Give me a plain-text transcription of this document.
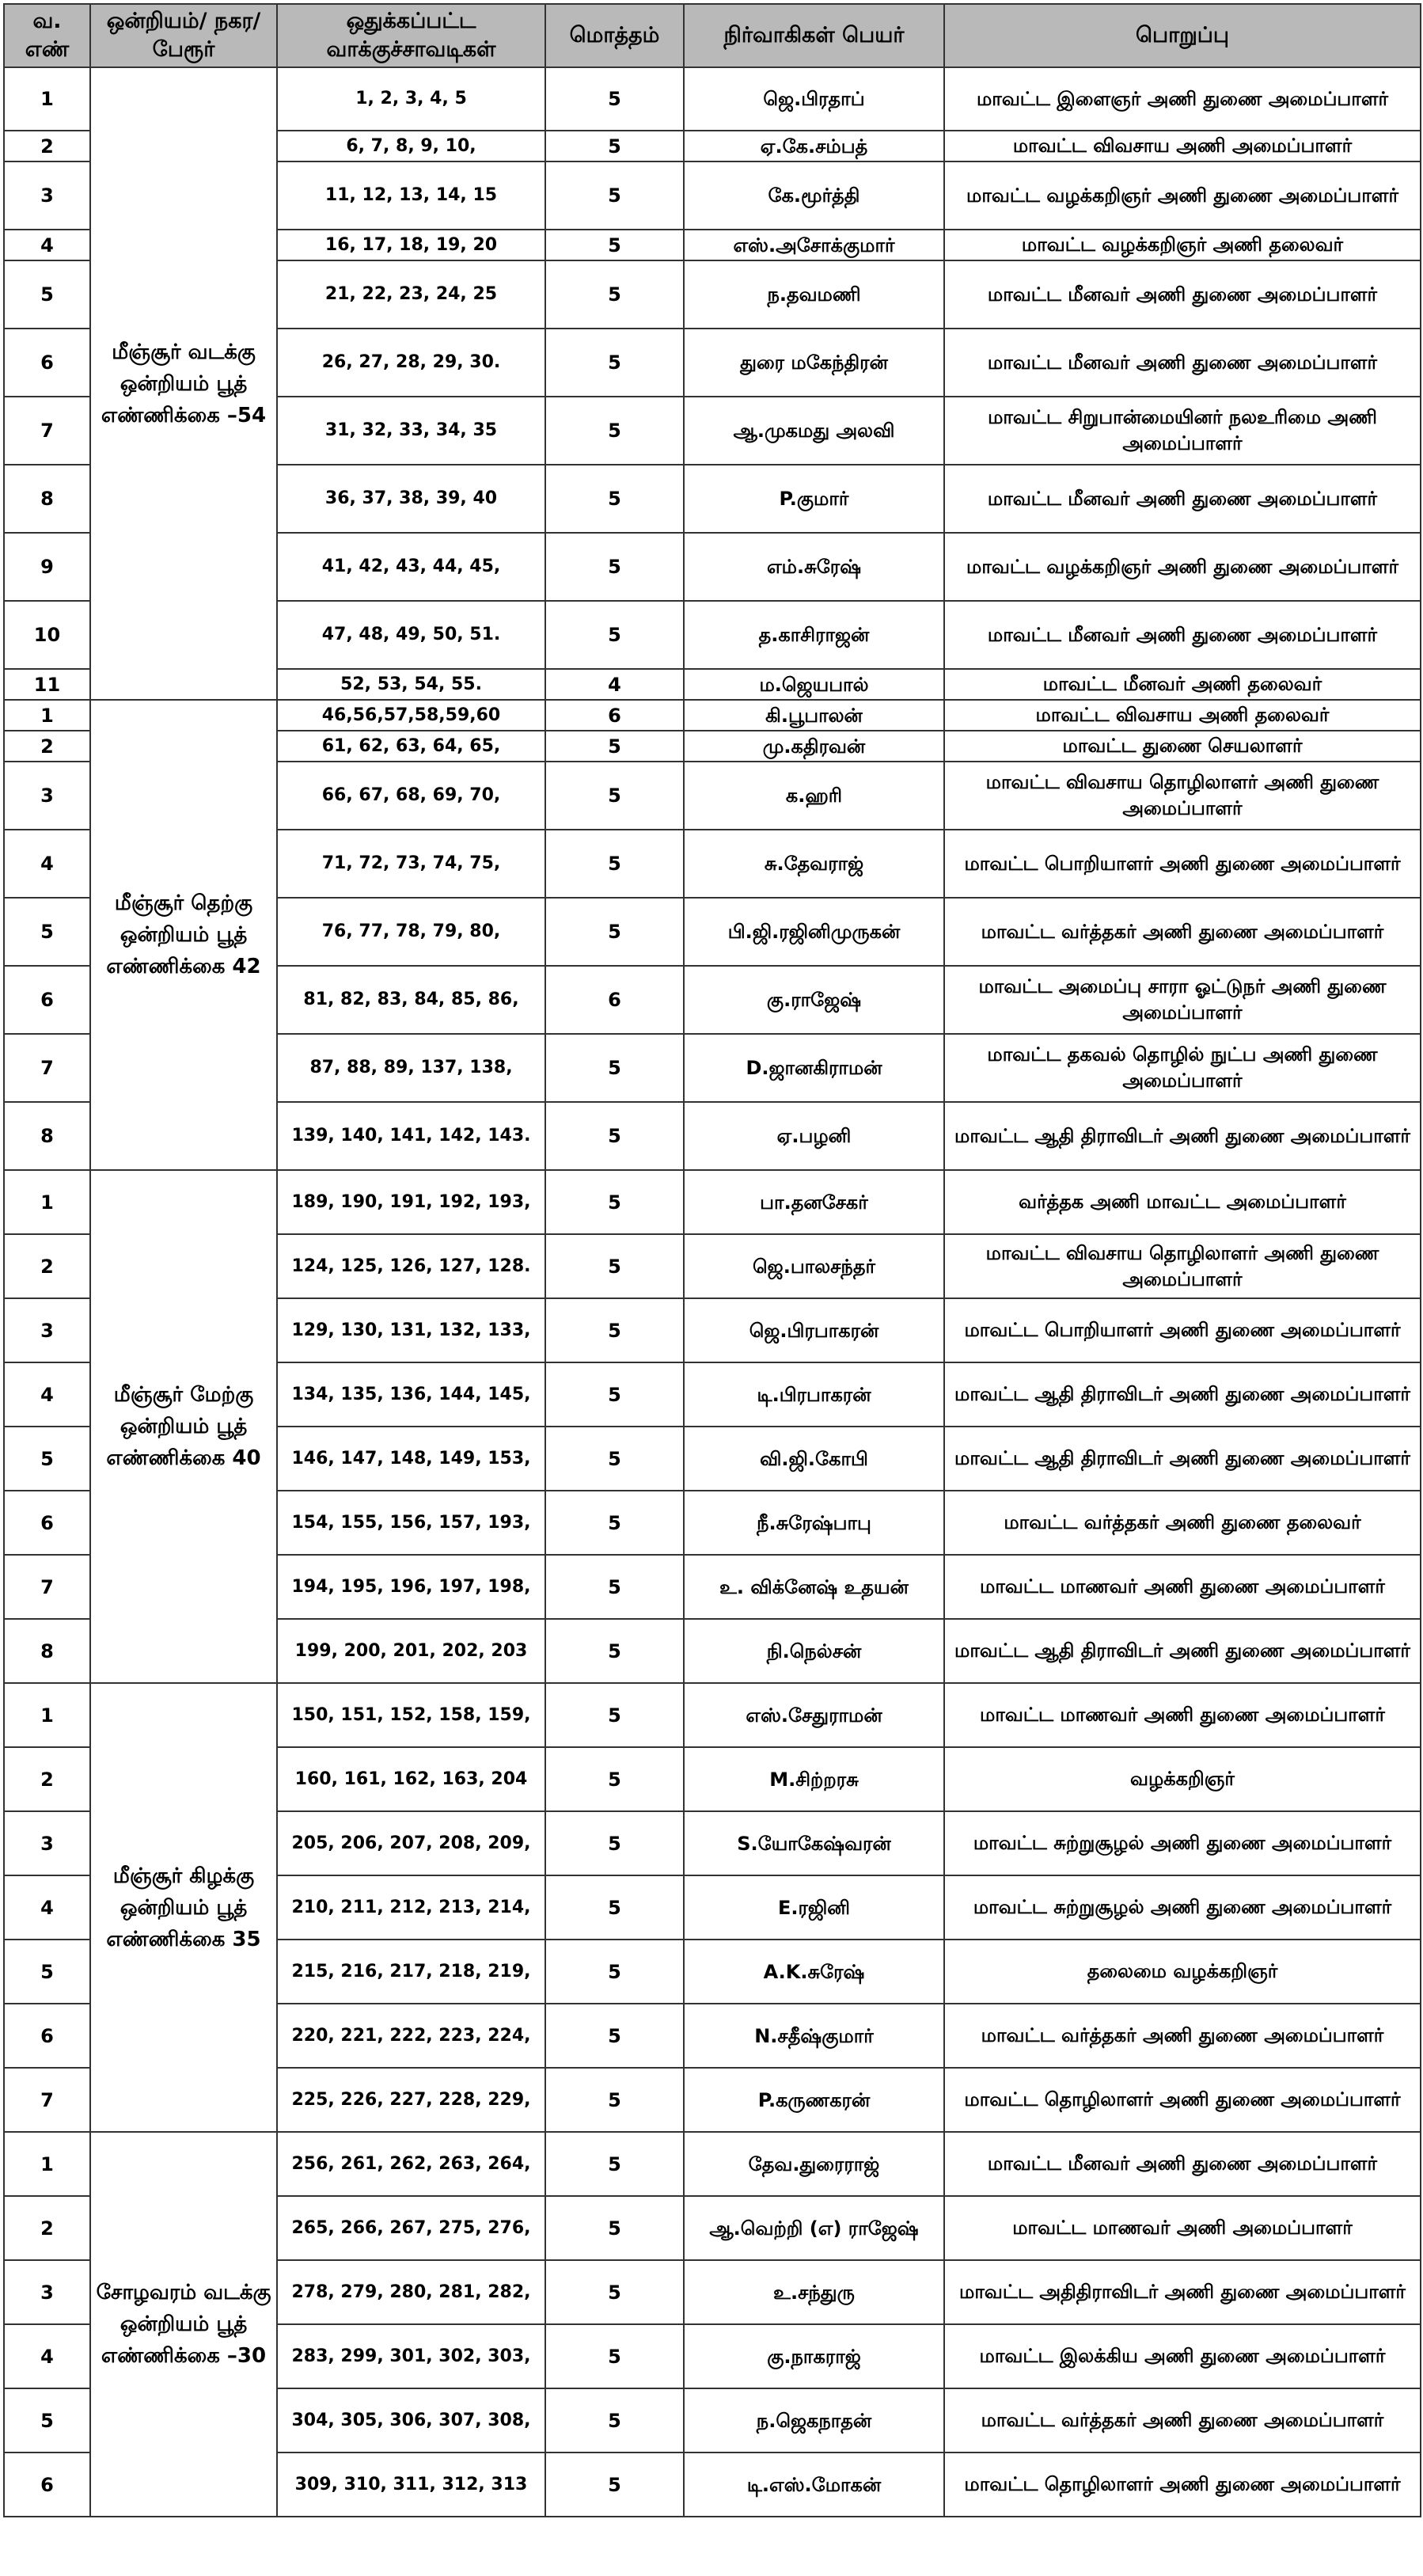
வ. எண்	ஒன்றியம்/ நகர/ பேரூர்	ஒதுக்கப்பட்ட வாக்குச்சாவடிகள்	மொத்தம்	நிர்வாகிகள் பெயர்	பொறுப்பு
1	மீஞ்சூர் வடக்கு ஒன்றியம் பூத் எண்ணிக்கை –54	1, 2, 3, 4, 5	5	ஜெ.பிரதாப்	மாவட்ட இளைஞர் அணி துணை அமைப்பாளர்
2		6, 7, 8, 9, 10,	5	ஏ.கே.சம்பத்	மாவட்ட விவசாய அணி அமைப்பாளர்
3		11, 12, 13, 14, 15	5	கே.மூர்த்தி	மாவட்ட வழக்கறிஞர் அணி துணை அமைப்பாளர்
4		16, 17, 18, 19, 20	5	எஸ்.அசோக்குமார்	மாவட்ட வழக்கறிஞர் அணி தலைவர்
5		21, 22, 23, 24, 25	5	ந.தவமணி	மாவட்ட மீனவர் அணி துணை அமைப்பாளர்
6		26, 27, 28, 29, 30.	5	துரை மகேந்திரன்	மாவட்ட மீனவர் அணி துணை அமைப்பாளர்
7		31, 32, 33, 34, 35	5	ஆ.முகமது அலவி	மாவட்ட சிறுபான்மையினர் நலஉரிமை அணி அமைப்பாளர்
8		36, 37, 38, 39, 40	5	P.குமார்	மாவட்ட மீனவர் அணி துணை அமைப்பாளர்
9		41, 42, 43, 44, 45,	5	எம்.சுரேஷ்	மாவட்ட வழக்கறிஞர் அணி துணை அமைப்பாளர்
10		47, 48, 49, 50, 51.	5	த.காசிராஜன்	மாவட்ட மீனவர் அணி துணை அமைப்பாளர்
11		52, 53, 54, 55.	4	ம.ஜெயபால்	மாவட்ட மீனவர் அணி தலைவர்
1	மீஞ்சூர் தெற்கு ஒன்றியம் பூத் எண்ணிக்கை 42	46,56,57,58,59,60	6	கி.பூபாலன்	மாவட்ட விவசாய அணி தலைவர்
2		61, 62, 63, 64, 65,	5	மு.கதிரவன்	மாவட்ட துணை செயலாளர்
3		66, 67, 68, 69, 70,	5	க.ஹரி	மாவட்ட விவசாய தொழிலாளர் அணி துணை அமைப்பாளர்
4		71, 72, 73, 74, 75,	5	சு.தேவராஜ்	மாவட்ட பொறியாளர் அணி துணை அமைப்பாளர்
5		76, 77, 78, 79, 80,	5	பி.ஜி.ரஜினிமுருகன்	மாவட்ட வர்த்தகர் அணி துணை அமைப்பாளர்
6		81, 82, 83, 84, 85, 86,	6	கு.ராஜேஷ்	மாவட்ட அமைப்பு சாரா ஓட்டுநர் அணி துணை அமைப்பாளர்
7		87, 88, 89, 137, 138,	5	D.ஜானகிராமன்	மாவட்ட தகவல் தொழில் நுட்ப அணி துணை அமைப்பாளர்
8		139, 140, 141, 142, 143.	5	ஏ.பழனி	மாவட்ட ஆதி திராவிடர் அணி துணை அமைப்பாளர்
1	மீஞ்சூர் மேற்கு ஒன்றியம் பூத் எண்ணிக்கை 40	189, 190, 191, 192, 193,	5	பா.தனசேகர்	வர்த்தக அணி மாவட்ட அமைப்பாளர்
2		124, 125, 126, 127, 128.	5	ஜெ.பாலசந்தர்	மாவட்ட விவசாய தொழிலாளர் அணி துணை அமைப்பாளர்
3		129, 130, 131, 132, 133,	5	ஜெ.பிரபாகரன்	மாவட்ட பொறியாளர் அணி துணை அமைப்பாளர்
4		134, 135, 136, 144, 145,	5	டி.பிரபாகரன்	மாவட்ட ஆதி திராவிடர் அணி துணை அமைப்பாளர்
5		146, 147, 148, 149, 153,	5	வி.ஜி.கோபி	மாவட்ட ஆதி திராவிடர் அணி துணை அமைப்பாளர்
6		154, 155, 156, 157, 193,	5	நீ.சுரேஷ்பாபு	மாவட்ட வர்த்தகர் அணி துணை தலைவர்
7		194, 195, 196, 197, 198,	5	உ. விக்னேஷ் உதயன்	மாவட்ட மாணவர் அணி துணை அமைப்பாளர்
8		199, 200, 201, 202, 203	5	நி.நெல்சன்	மாவட்ட ஆதி திராவிடர் அணி துணை அமைப்பாளர்
1	மீஞ்சூர் கிழக்கு ஒன்றியம் பூத் எண்ணிக்கை 35	150, 151, 152, 158, 159,	5	எஸ்.சேதுராமன்	மாவட்ட மாணவர் அணி துணை அமைப்பாளர்
2		160, 161, 162, 163, 204	5	M.சிற்றரசு	வழக்கறிஞர்
3		205, 206, 207, 208, 209,	5	S.யோகேஷ்வரன்	மாவட்ட சுற்றுசூழல் அணி துணை அமைப்பாளர்
4		210, 211, 212, 213, 214,	5	E.ரஜினி	மாவட்ட சுற்றுசூழல் அணி துணை அமைப்பாளர்
5		215, 216, 217, 218, 219,	5	A.K.சுரேஷ்	தலைமை வழக்கறிஞர்
6		220, 221, 222, 223, 224,	5	N.சதீஷ்குமார்	மாவட்ட வர்த்தகர் அணி துணை அமைப்பாளர்
7		225, 226, 227, 228, 229,	5	P.கருணகரன்	மாவட்ட தொழிலாளர் அணி துணை அமைப்பாளர்
1	சோழவரம் வடக்கு ஒன்றியம் பூத் எண்ணிக்கை –30	256, 261, 262, 263, 264,	5	தேவ.துரைராஜ்	மாவட்ட மீனவர் அணி துணை அமைப்பாளர்
2		265, 266, 267, 275, 276,	5	ஆ.வெற்றி (எ) ராஜேஷ்	மாவட்ட மாணவர் அணி அமைப்பாளர்
3		278, 279, 280, 281, 282,	5	உ.சந்துரு	மாவட்ட அதிதிராவிடர் அணி துணை அமைப்பாளர்
4		283, 299, 301, 302, 303,	5	கு.நாகராஜ்	மாவட்ட இலக்கிய அணி துணை அமைப்பாளர்
5		304, 305, 306, 307, 308,	5	ந.ஜெகநாதன்	மாவட்ட வர்த்தகர் அணி துணை அமைப்பாளர்
6		309, 310, 311, 312, 313	5	டி.எஸ்.மோகன்	மாவட்ட தொழிலாளர் அணி துணை அமைப்பாளர்
